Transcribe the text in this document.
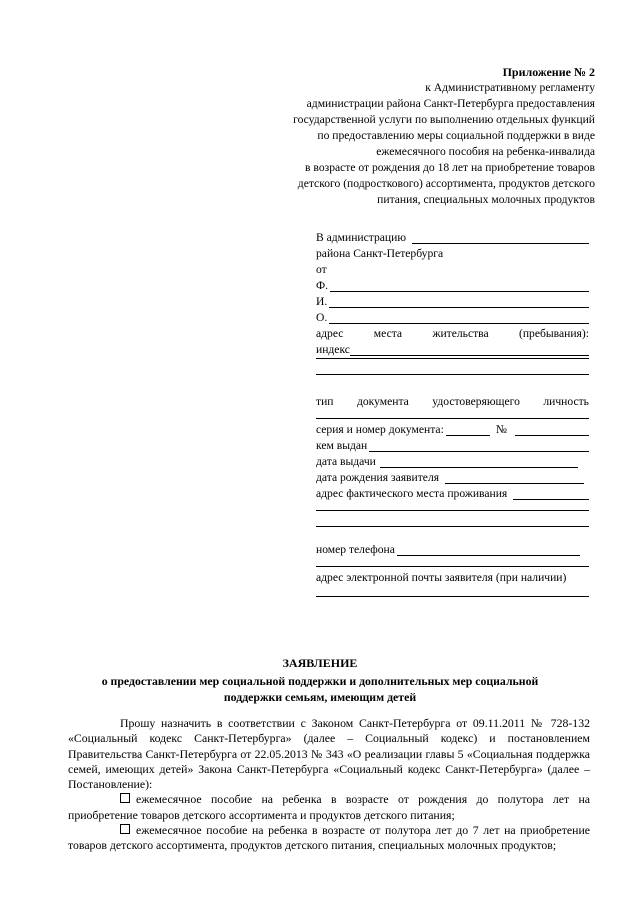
Приложение № 2
к Административному регламенту
администрации района Санкт-Петербурга предоставления
государственной услуги по выполнению отдельных функций
по предоставлению меры социальной поддержки в виде
ежемесячного пособия на ребенка-инвалида
в возрасте от рождения до 18 лет на приобретение товаров
детского (подросткового) ассортимента, продуктов детского
питания, специальных молочных продуктов
В администрацию
района Санкт-Петербурга
от
Ф.
И.
О.
адрес	места	жительства	(пребывания):
индекс
тип документа удостоверяющего личность
серия и номер документа:	№
кем выдан
дата выдачи
дата рождения заявителя
адрес фактического места проживания
номер телефона
адрес электронной почты заявителя (при наличии)
ЗАЯВЛЕНИЕ
о предоставлении мер социальной поддержки и дополнительных мер социальной поддержки семьям, имеющим детей

Прошу назначить в соответствии с Законом Санкт-Петербурга от 09.11.2011 № 728-132 «Социальный кодекс Санкт-Петербурга» (далее – Социальный кодекс) и постановлением Правительства Санкт-Петербурга от 22.05.2013 № 343 «О реализации главы 5 «Социальная поддержка семей, имеющих детей» Закона Санкт-Петербурга «Социальный кодекс Санкт-Петербурга» (далее – Постановление):

ежемесячное пособие на ребенка в возрасте от рождения до полутора лет на приобретение товаров детского ассортимента и продуктов детского питания;

ежемесячное пособие на ребенка в возрасте от полутора лет до 7 лет на приобретение товаров детского ассортимента, продуктов детского питания, специальных молочных продуктов;
